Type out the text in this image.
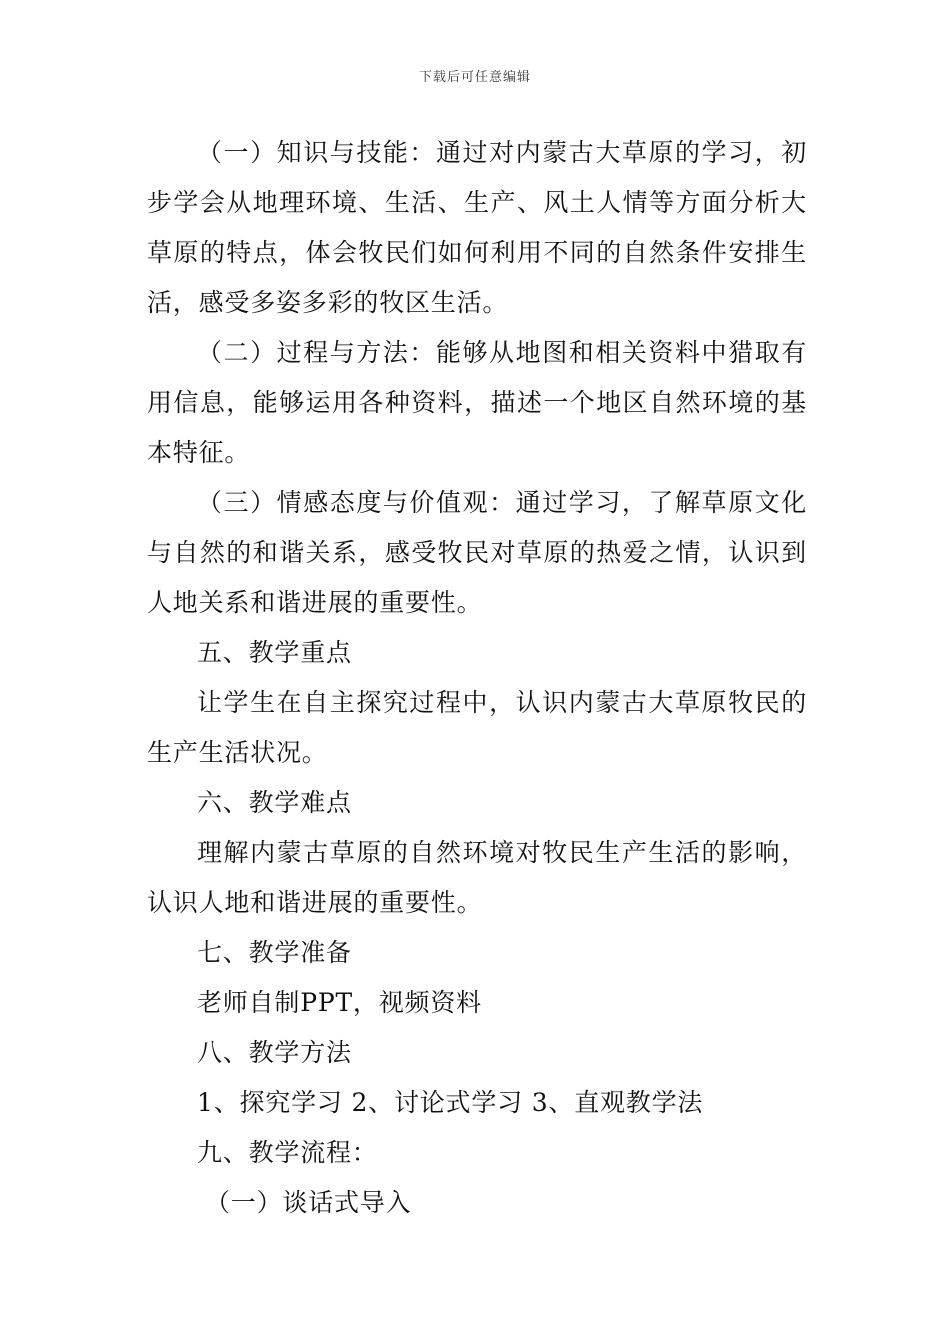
下载后可任意编辑

（一）知识与技能：通过对内蒙古大草原的学习，初步学会从地理环境、生活、生产、风土人情等方面分析大草原的特点，体会牧民们如何利用不同的自然条件安排生活，感受多姿多彩的牧区生活。

（二）过程与方法：能够从地图和相关资料中猎取有用信息，能够运用各种资料，描述一个地区自然环境的基本特征。

（三）情感态度与价值观：通过学习，了解草原文化与自然的和谐关系，感受牧民对草原的热爱之情，认识到人地关系和谐进展的重要性。

五、教学重点

让学生在自主探究过程中，认识内蒙古大草原牧民的生产生活状况。

六、教学难点

理解内蒙古草原的自然环境对牧民生产生活的影响，认识人地和谐进展的重要性。

七、教学准备

老师自制PPT，视频资料

八、教学方法

1、探究学习 2、讨论式学习 3、直观教学法

九、教学流程：

（一）谈话式导入
